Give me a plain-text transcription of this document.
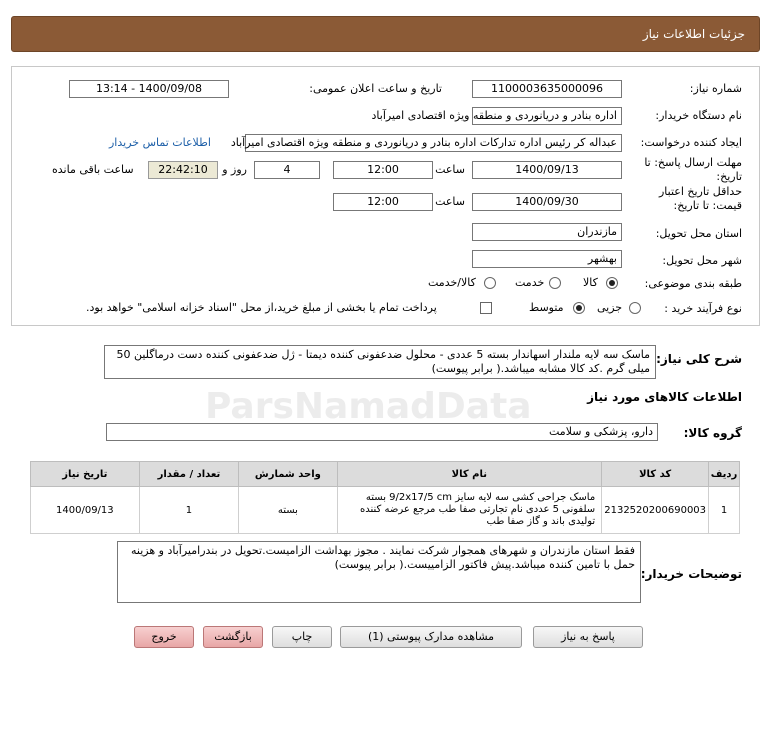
جزئیات اطلاعات نیاز
شماره نیاز:
1100003635000096
تاریخ و ساعت اعلان عمومی:
1400/09/08 - 13:14
نام دستگاه خریدار:
اداره بنادر و دریانوردی و منطقه ویژه اقتصادی امیرآباد
ایجاد کننده درخواست:
عبداله کر رئیس اداره تدارکات اداره بنادر و دریانوردی و منطقه ویژه اقتصادی امیرآباد
اطلاعات تماس خریدار
مهلت ارسال پاسخ: تا تاریخ:
1400/09/13
ساعت
12:00
4
روز و
22:42:10
ساعت باقی مانده
حداقل تاریخ اعتبار قیمت: تا تاریخ:
1400/09/30
ساعت
12:00
استان محل تحویل:
مازندران
شهر محل تحویل:
بهشهر
طبقه بندی موضوعی:
کالا
خدمت
کالا/خدمت
نوع فرآیند خرید :
جزیی
متوسط
پرداخت تمام یا بخشی از مبلغ خرید،از محل "اسناد خزانه اسلامی" خواهد بود.
شرح کلی نیاز:
ماسک سه لایه ملندار اسهاندار بسته 5 عددی - محلول ضدعفونی کننده دیمتا - ژل ضدعفونی کننده دست درماگلین 50 میلی گرم .کد کالا مشابه میباشد.( برابر پیوست)
اطلاعات کالاهای مورد نیاز
گروه کالا:
دارو، پزشکی و سلامت
ردیف	کد کالا	نام کالا	واحد شمارش	تعداد / مقدار	تاریخ نیاز
1	2132520200690003	ماسک جراحی کشی سه لایه سایز 9/2x17/5 cm بسته سلفونی 5 عددی نام تجارتی صفا طب مرجع عرضه کننده تولیدی باند و گاز صفا طب	بسته	1	1400/09/13
توضیحات خریدار:
فقط استان مازندران و شهرهای همجوار شرکت نمایند . مجوز بهداشت الزامیست.تحویل در بندرامیرآباد و هزینه حمل با تامین کننده میباشد.پیش فاکتور الزامییست.( برابر پیوست)
پاسخ به نیاز
مشاهده مدارک پیوستی (1)
چاپ
بازگشت
خروج
ParsNamadData
